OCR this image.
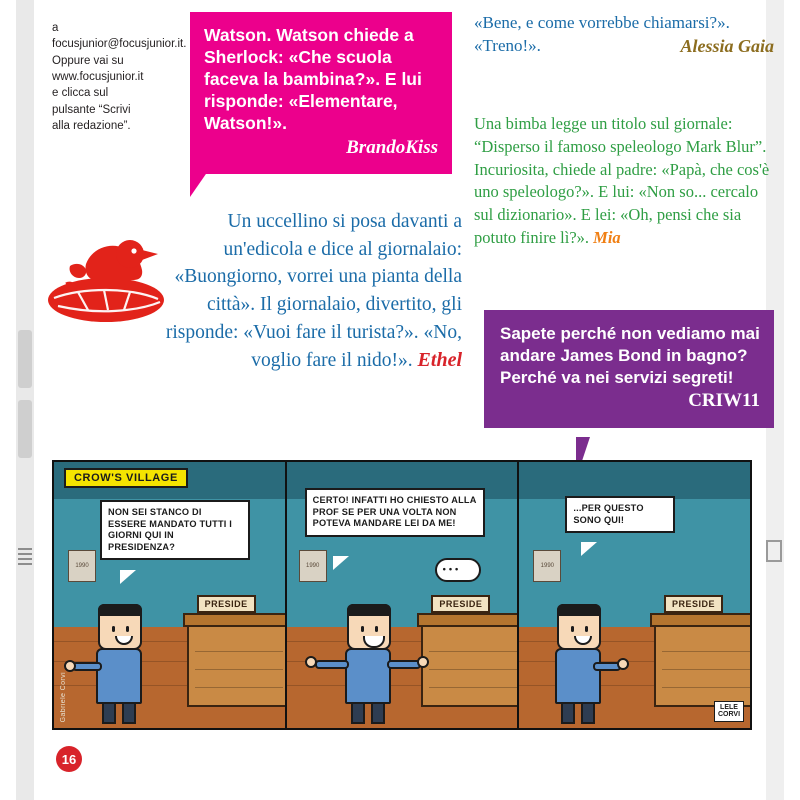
a focusjunior@focusjunior.it. Oppure vai su www.focusjunior.it e clicca sul pulsante “Scrivi alla redazione”.
Watson. Watson chiede a Sherlock: «Che scuola faceva la bambina?». E lui risponde: «Elementare, Watson!».
BrandoKiss
«Bene, e come vorrebbe chiamarsi?». «Treno!».	Alessia Gaia
Una bimba legge un titolo sul giornale: “Disperso il famoso speleologo Mark Blur”. Incuriosita, chiede al padre: «Papà, che cos'è uno speleologo?». E lui: «Non so... cercalo sul dizionario». E lei: «Oh, pensi che sia potuto finire lì?». Mia
Un uccellino si posa davanti a un'edicola e dice al giornalaio: «Buongiorno, vorrei una pianta della città». Il giornalaio, divertito, gli risponde: «Vuoi fare il turista?». «No, voglio fare il nido!». Ethel
Sapete perché non vediamo mai andare James Bond in bagno? Perché va nei servizi segreti!
CRIW11
1990
CROW'S VILLAGE
NON SEI STANCO DI ESSERE MANDATO TUTTI I GIORNI QUI IN PRESIDENZA?
PRESIDE
Gabriele Corvi
1990
CERTO! INFATTI HO CHIESTO ALLA PROF SE PER UNA VOLTA NON POTEVA MANDARE LEI DA ME!
• • •
PRESIDE
1990
...PER QUESTO SONO QUI!
PRESIDE
LELE
CORVI
16
